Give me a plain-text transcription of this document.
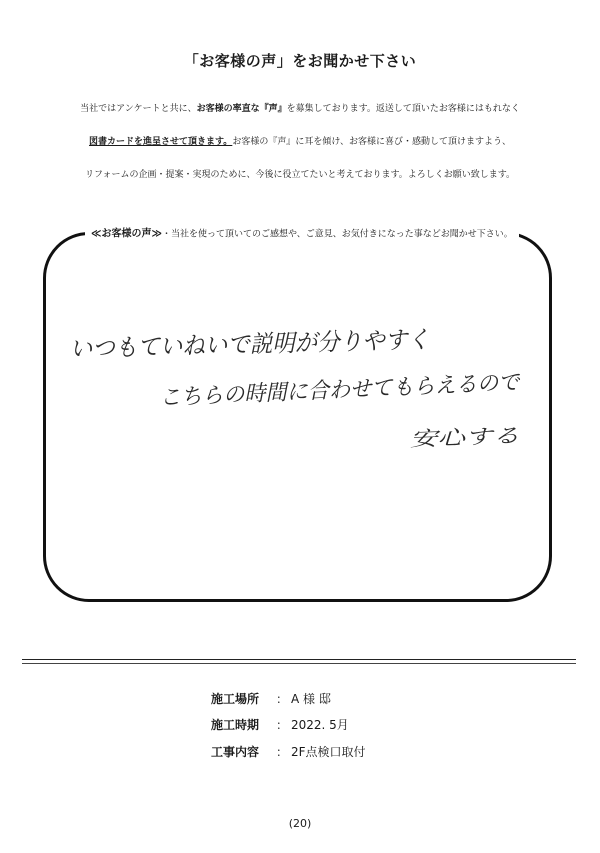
「お客様の声」をお聞かせ下さい
当社ではアンケートと共に、お客様の率直な『声』を募集しております。返送して頂いたお客様にはもれなく
図書カードを進呈させて頂きます。お客様の『声』に耳を傾け、お客様に喜び・感動して頂けますよう、
リフォームの企画・提案・実現のために、今後に役立てたいと考えております。よろしくお願い致します。
≪お客様の声≫・当社を使って頂いてのご感想や、ご意見、お気付きになった事などお聞かせ下さい。
いつもていねいで説明が分りやすく
こちらの時間に合わせてもらえるので
安心する
施工場所 ： A 様 邸
施工時期 ： 2022. 5月
工事内容 ： 2F点検口取付
(20)
